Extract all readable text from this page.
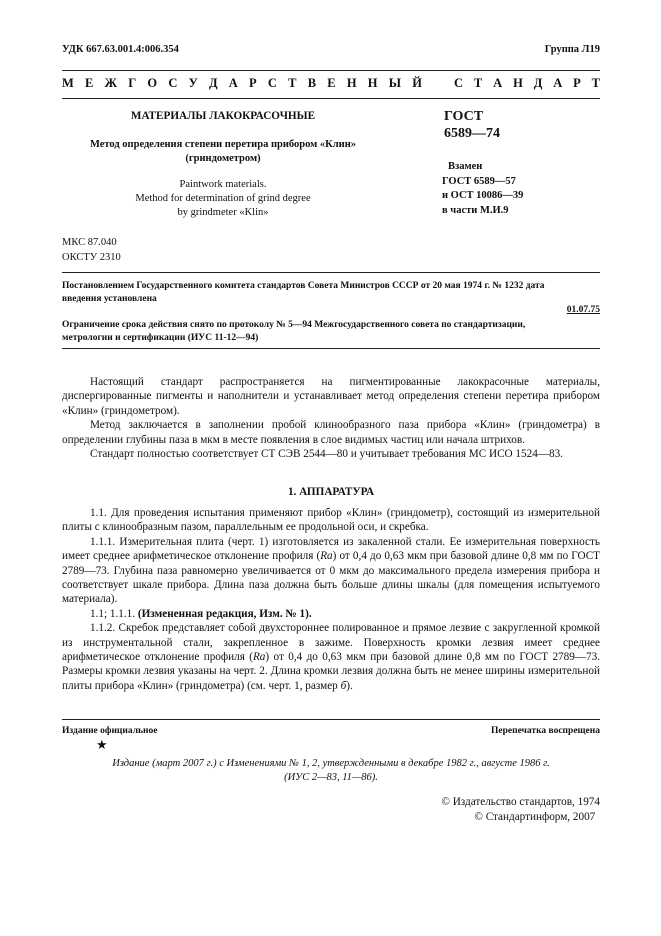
УДК 667.63.001.4:006.354	Группа Л19
М Е Ж Г О С У Д А Р С Т В Е Н Н Ы Й	С Т А Н Д А Р Т
МАТЕРИАЛЫ ЛАКОКРАСОЧНЫЕ
Метод определения степени перетира прибором «Клин»
(гриндометром)
Paintwork materials.
Method for determination of grind degree
by grindmeter «Klin»
ГОСТ
6589—74
Взамен
ГОСТ 6589—57
и ОСТ 10086—39
в части М.И.9
МКС 87.040
ОКСТУ 2310
Постановлением Государственного комитета стандартов Совета Министров СССР от 20 мая 1974 г. № 1232 дата
введения установлена
01.07.75
Ограничение срока действия снято по протоколу № 5—94 Межгосударственного совета по стандартизации,
метрологии и сертификации (ИУС 11-12—94)

Настоящий стандарт распространяется на пигментированные лакокрасочные материалы, диспергированные пигменты и наполнители и устанавливает метод определения степени перетира прибором «Клин» (гриндометром).

Метод заключается в заполнении пробой клинообразного паза прибора «Клин» (гриндометра) в определении глубины паза в мкм в месте появления в слое видимых частиц или начала штрихов.

Стандарт полностью соответствует СТ СЭВ 2544—80 и учитывает требования МС ИСО 1524—83.

1. АППАРАТУРА

1.1. Для проведения испытания применяют прибор «Клин» (гриндометр), состоящий из измерительной плиты с клинообразным пазом, параллельным ее продольной оси, и скребка.

1.1.1. Измерительная плита (черт. 1) изготовляется из закаленной стали. Ее измерительная поверхность имеет среднее арифметическое отклонение профиля (Ra) от 0,4 до 0,63 мкм при базовой длине 0,8 мм по ГОСТ 2789—73. Глубина паза равномерно увеличивается от 0 мкм до максимального предела измерения прибора и соответствует шкале прибора. Длина паза должна быть больше длины шкалы (для помещения испытуемого материала).

1.1; 1.1.1. (Измененная редакция, Изм. № 1).

1.1.2. Скребок представляет собой двухстороннее полированное и прямое лезвие с закругленной кромкой из инструментальной стали, закрепленное в зажиме. Поверхность кромки лезвия имеет среднее арифметическое отклонение профиля (Ra) от 0,4 до 0,63 мкм при базовой длине 0,8 мм по ГОСТ 2789—73. Размеры кромки лезвия указаны на черт. 2. Длина кромки лезвия должна быть не менее ширины измерительной плиты прибора «Клин» (гриндометра) (см. черт. 1, размер б).

Издание официальное	Перепечатка воспрещена
★
Издание (март 2007 г.) с Изменениями № 1, 2, утвержденными в декабре 1982 г., августе 1986 г.
(ИУС 2—83, 11—86).
© Издательство стандартов, 1974
© Стандартинформ, 2007
